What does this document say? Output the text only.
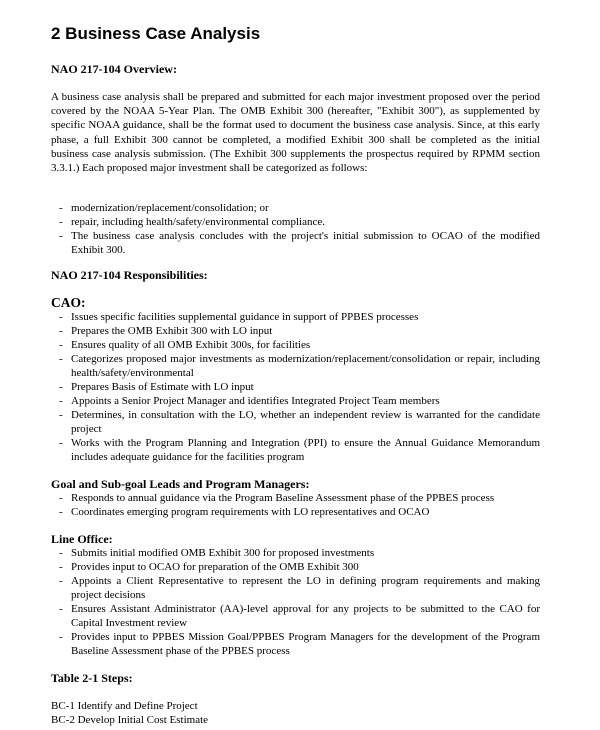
2 Business Case Analysis
NAO 217-104 Overview:
A business case analysis shall be prepared and submitted for each major investment proposed over the period covered by the NOAA 5-Year Plan. The OMB Exhibit 300 (hereafter, "Exhibit 300"), as supplemented by specific NOAA guidance, shall be the format used to document the business case analysis. Since, at this early phase, a full Exhibit 300 cannot be completed, a modified Exhibit 300 shall be completed as the initial business case analysis submission. (The Exhibit 300 supplements the prospectus required by RPMM section 3.3.1.) Each proposed major investment shall be categorized as follows:
- modernization/replacement/consolidation; or
- repair, including health/safety/environmental compliance.
- The business case analysis concludes with the project's initial submission to OCAO of the modified Exhibit 300.
NAO 217-104 Responsibilities:
CAO:
- Issues specific facilities supplemental guidance in support of PPBES processes
- Prepares the OMB Exhibit 300 with LO input
- Ensures quality of all OMB Exhibit 300s, for facilities
- Categorizes proposed major investments as modernization/replacement/consolidation or repair, including health/safety/environmental
- Prepares Basis of Estimate with LO input
- Appoints a Senior Project Manager and identifies Integrated Project Team members
- Determines, in consultation with the LO, whether an independent review is warranted for the candidate project
- Works with the Program Planning and Integration (PPI) to ensure the Annual Guidance Memorandum includes adequate guidance for the facilities program
Goal and Sub-goal Leads and Program Managers:
- Responds to annual guidance via the Program Baseline Assessment phase of the PPBES process
- Coordinates emerging program requirements with LO representatives and OCAO
Line Office:
- Submits initial modified OMB Exhibit 300 for proposed investments
- Provides input to OCAO for preparation of the OMB Exhibit 300
- Appoints a Client Representative to represent the LO in defining program requirements and making project decisions
- Ensures Assistant Administrator (AA)-level approval for any projects to be submitted to the CAO for Capital Investment review
- Provides input to PPBES Mission Goal/PPBES Program Managers for the development of the Program Baseline Assessment phase of the PPBES process
Table 2-1 Steps:
BC-1 Identify and Define Project
BC-2 Develop Initial Cost Estimate
